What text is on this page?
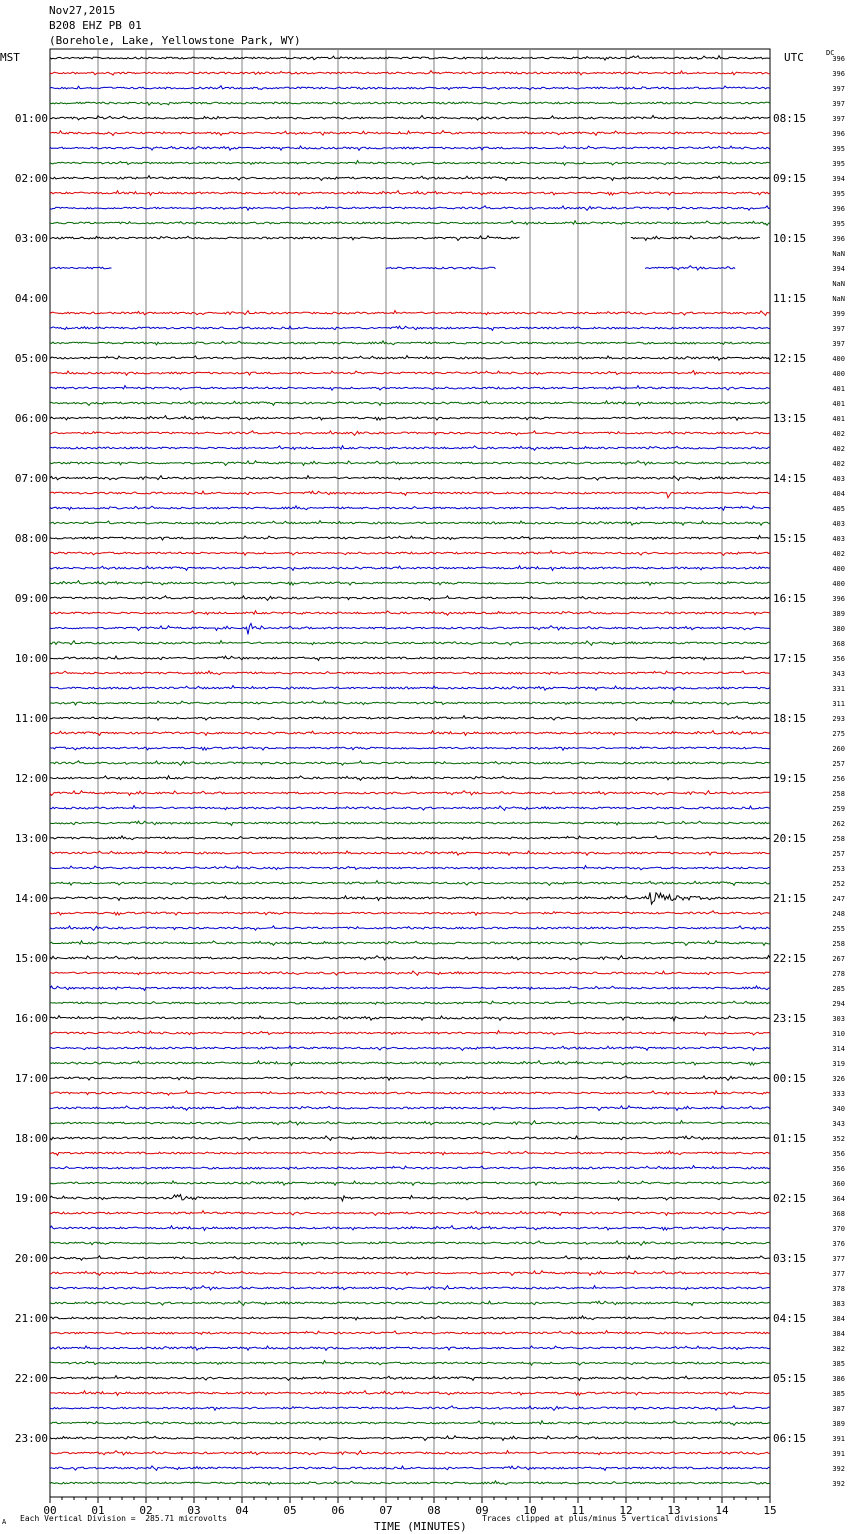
Nov27,2015
B208 EHZ PB 01
(Borehole, Lake, Yellowstone Park, WY)
MST	UTC	DC
00	01	02	03	04	05	06	07	08	09	10	11	12	13	14	15
396
396
397
397
397
01:00	08:15
396
395
395
394
02:00	09:15
395
396
395
396
03:00	10:15
NaN
394
NaN
NaN
04:00	11:15
399
397
397
400
05:00	12:15
400
401
401
401
06:00	13:15
402
402
402
403
07:00	14:15
404
405
403
403
08:00	15:15
402
400
400
396
09:00	16:15
389
380
368
356
10:00	17:15
343
331
311
293
11:00	18:15
275
260
257
256
12:00	19:15
258
259
262
258
13:00	20:15
257
253
252
247
14:00	21:15
248
255
258
267
15:00	22:15
278
285
294
303
16:00	23:15
310
314
319
326
17:00	00:15
333
340
343
352
18:00	01:15
356
356
360
364
19:00	02:15
368
370
376
377
20:00	03:15
377
378
383
384
21:00	04:15
384
382
385
386
22:00	05:15
385
387
389
391
23:00	06:15
391
392
392
A Each Vertical Division =  285.71 microvolts
TIME (MINUTES)
Traces clipped at plus/minus 5 vertical divisions
